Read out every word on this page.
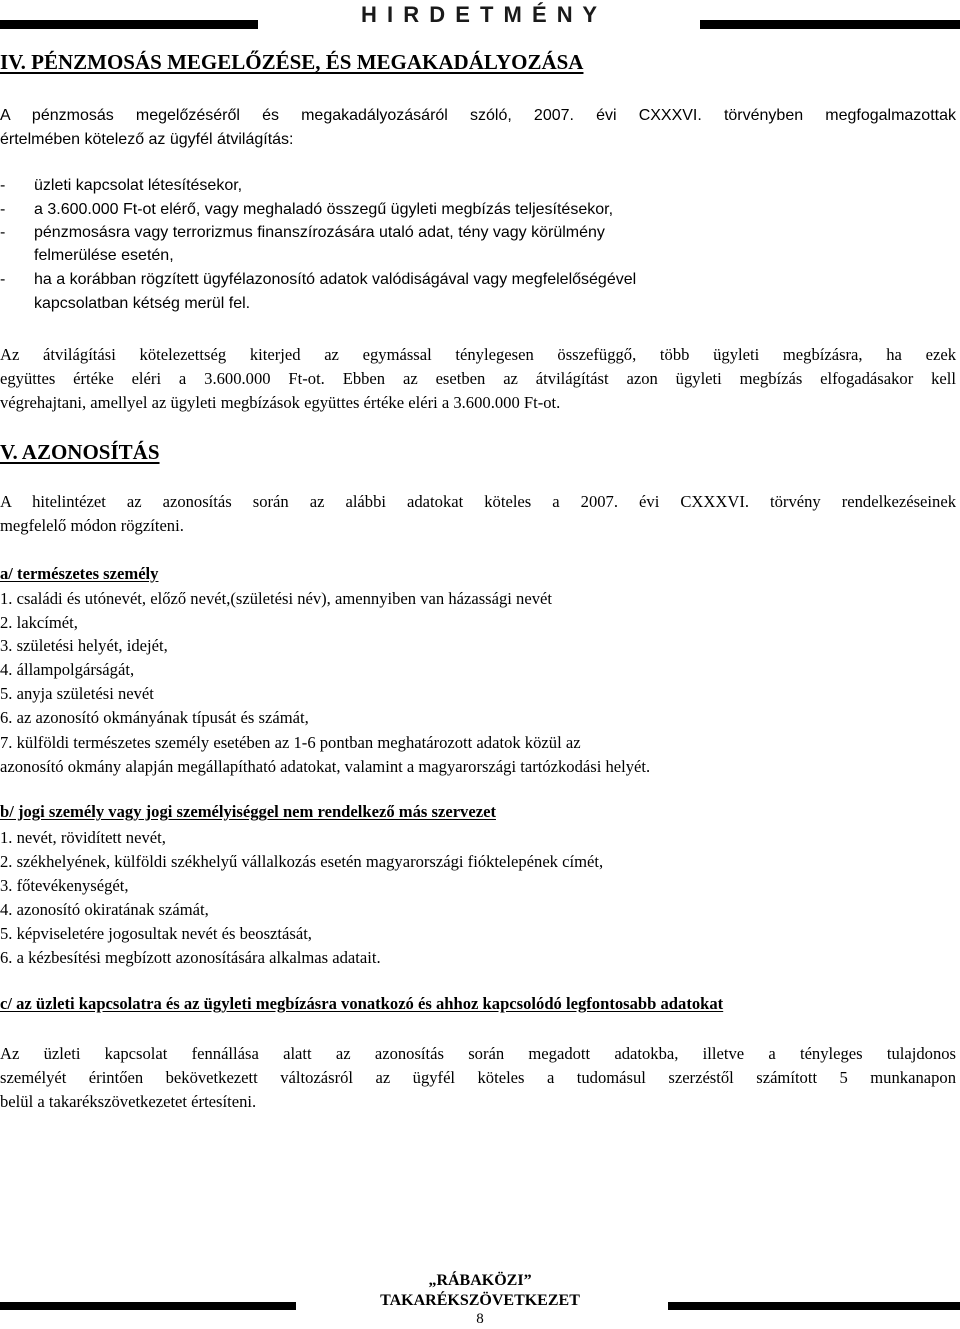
H I R D E T M É N Y
IV. PÉNZMOSÁS MEGELŐZÉSE, ÉS MEGAKADÁLYOZÁSA
A pénzmosás megelőzéséről és megakadályozásáról szóló, 2007. évi CXXXVI. törvényben megfogalmazottak
értelmében kötelező az ügyfél átvilágítás:
- üzleti kapcsolat létesítésekor,
- a 3.600.000 Ft-ot elérő, vagy meghaladó összegű ügyleti megbízás teljesítésekor,
- pénzmosásra vagy terrorizmus finanszírozására utaló adat, tény vagy körülmény
felmerülése esetén,
- ha a korábban rögzített ügyfélazonosító adatok valódiságával vagy megfelelőségével
kapcsolatban kétség merül fel.
Az átvilágítási kötelezettség kiterjed az egymással ténylegesen összefüggő, több ügyleti megbízásra, ha ezek
együttes értéke eléri a 3.600.000 Ft-ot. Ebben az esetben az átvilágítást azon ügyleti megbízás elfogadásakor kell
végrehajtani, amellyel az ügyleti megbízások együttes értéke eléri a 3.600.000 Ft-ot.
V. AZONOSÍTÁS
A hitelintézet az azonosítás során az alábbi adatokat köteles a 2007. évi CXXXVI. törvény rendelkezéseinek
megfelelő módon rögzíteni.
a/ természetes személy
1. családi és utónevét, előző nevét,(születési név), amennyiben van házassági nevét
2. lakcímét,
3. születési helyét, idejét,
4. állampolgárságát,
5. anyja születési nevét
6. az azonosító okmányának típusát és számát,
7. külföldi természetes személy esetében az 1-6 pontban meghatározott adatok közül az
azonosító okmány alapján megállapítható adatokat, valamint a magyarországi tartózkodási helyét.
b/ jogi személy vagy jogi személyiséggel nem rendelkező más szervezet
1. nevét, rövidített nevét,
2. székhelyének, külföldi székhelyű vállalkozás esetén magyarországi fióktelepének címét,
3. főtevékenységét,
4. azonosító okiratának számát,
5. képviseletére jogosultak nevét és beosztását,
6. a kézbesítési megbízott azonosítására alkalmas adatait.
c/ az üzleti kapcsolatra és az ügyleti megbízásra vonatkozó és ahhoz kapcsolódó legfontosabb adatokat
Az üzleti kapcsolat fennállása alatt az azonosítás során megadott adatokba, illetve a tényleges tulajdonos
személyét érintően bekövetkezett változásról az ügyfél köteles a tudomásul szerzéstől számított 5 munkanapon
belül a takarékszövetkezetet értesíteni.
„RÁBAKÖZI”
TAKARÉKSZÖVETKEZET
8
